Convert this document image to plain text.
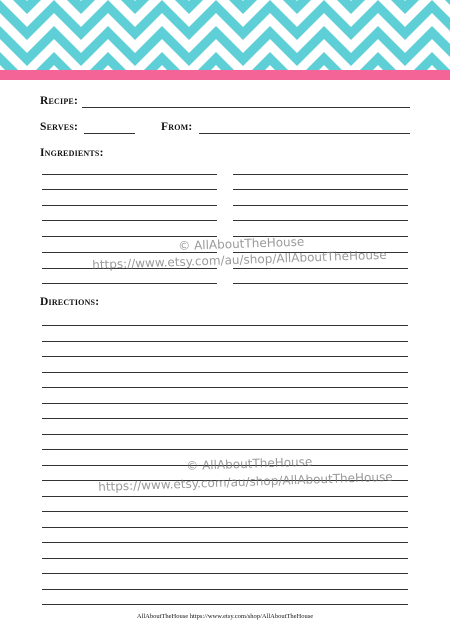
Recipe:
Serves:	From:
Ingredients:
Directions:
© AllAboutTheHouse
https://www.etsy.com/au/shop/AllAboutTheHouse
© AllAboutTheHouse
https://www.etsy.com/au/shop/AllAboutTheHouse
AllAboutTheHouse https://www.etsy.com/shop/AllAboutTheHouse
